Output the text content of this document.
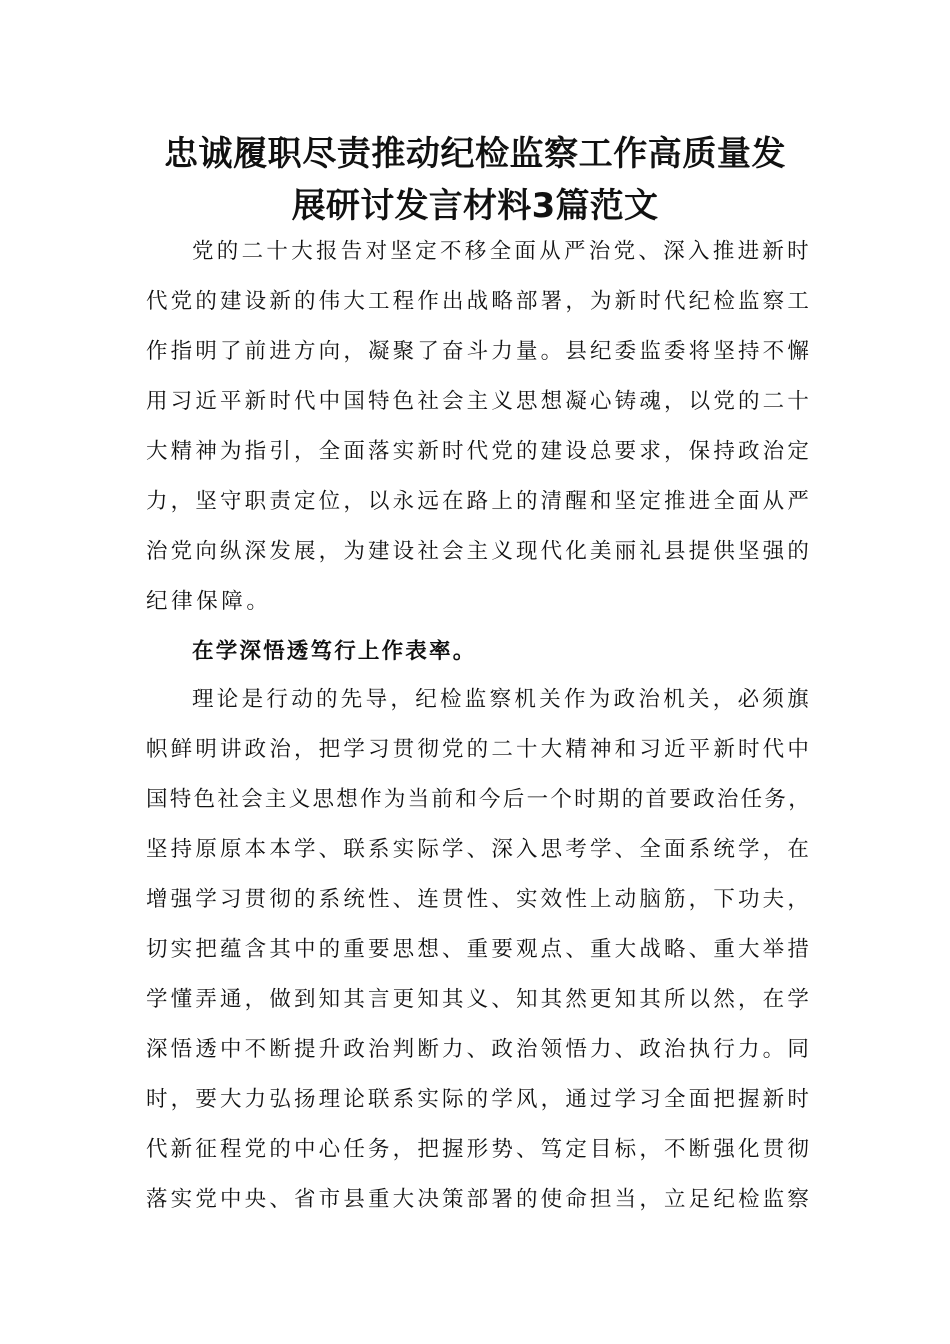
忠诚履职尽责推动纪检监察工作高质量发
展研讨发言材料3篇范文
党的二十大报告对坚定不移全面从严治党、深入推进新时
代党的建设新的伟大工程作出战略部署，为新时代纪检监察工
作指明了前进方向，凝聚了奋斗力量。县纪委监委将坚持不懈
用习近平新时代中国特色社会主义思想凝心铸魂，以党的二十
大精神为指引，全面落实新时代党的建设总要求，保持政治定
力，坚守职责定位，以永远在路上的清醒和坚定推进全面从严
治党向纵深发展，为建设社会主义现代化美丽礼县提供坚强的
纪律保障。
在学深悟透笃行上作表率。
理论是行动的先导，纪检监察机关作为政治机关，必须旗
帜鲜明讲政治，把学习贯彻党的二十大精神和习近平新时代中
国特色社会主义思想作为当前和今后一个时期的首要政治任务，
坚持原原本本学、联系实际学、深入思考学、全面系统学，在
增强学习贯彻的系统性、连贯性、实效性上动脑筋，下功夫，
切实把蕴含其中的重要思想、重要观点、重大战略、重大举措
学懂弄通，做到知其言更知其义、知其然更知其所以然，在学
深悟透中不断提升政治判断力、政治领悟力、政治执行力。同
时，要大力弘扬理论联系实际的学风，通过学习全面把握新时
代新征程党的中心任务，把握形势、笃定目标，不断强化贯彻
落实党中央、省市县重大决策部署的使命担当，立足纪检监察
